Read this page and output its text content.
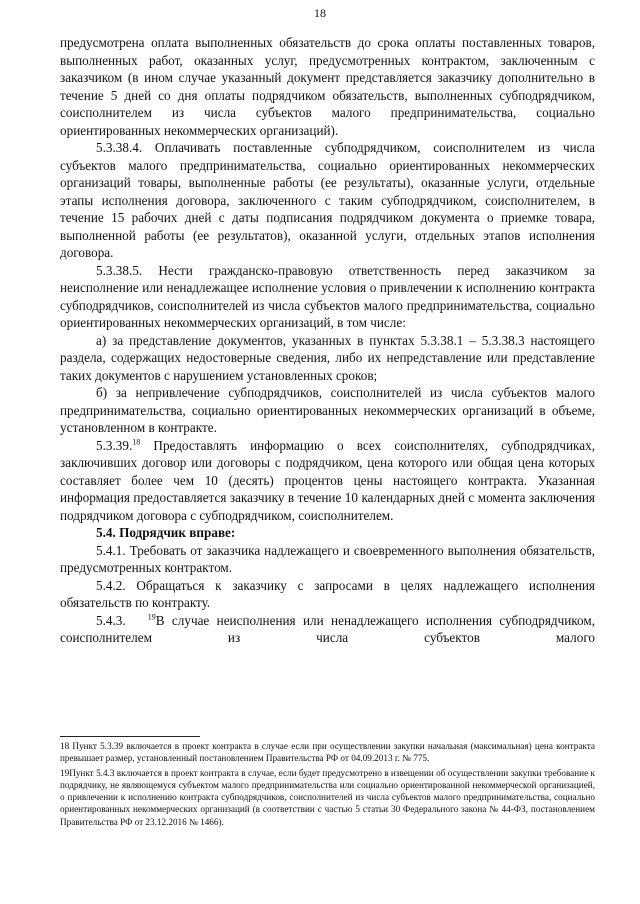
18

предусмотрена оплата выполненных обязательств до срока оплаты поставленных товаров, выполненных работ, оказанных услуг, предусмотренных контрактом, заключенным с заказчиком (в ином случае указанный документ представляется заказчику дополнительно в течение 5 дней со дня оплаты подрядчиком обязательств, выполненных субподрядчиком, соисполнителем из числа субъектов малого предпринимательства, социально ориентированных некоммерческих организаций).

5.3.38.4. Оплачивать поставленные субподрядчиком, соисполнителем из числа субъектов малого предпринимательства, социально ориентированных некоммерческих организаций товары, выполненные работы (ее результаты), оказанные услуги, отдельные этапы исполнения договора, заключенного с таким субподрядчиком, соисполнителем, в течение 15 рабочих дней с даты подписания подрядчиком документа о приемке товара, выполненной работы (ее результатов), оказанной услуги, отдельных этапов исполнения договора.

5.3.38.5. Нести гражданско-правовую ответственность перед заказчиком за неисполнение или ненадлежащее исполнение условия о привлечении к исполнению контракта субподрядчиков, соисполнителей из числа субъектов малого предпринимательства, социально ориентированных некоммерческих организаций, в том числе:

а) за представление документов, указанных в пунктах 5.3.38.1 – 5.3.38.3 настоящего раздела, содержащих недостоверные сведения, либо их непредставление или представление таких документов с нарушением установленных сроков;

б) за непривлечение субподрядчиков, соисполнителей из числа субъектов малого предпринимательства, социально ориентированных некоммерческих организаций в объеме, установленном в контракте.

5.3.39.18 Предоставлять информацию о всех соисполнителях, субподрядчиках, заключивших договор или договоры с подрядчиком, цена которого или общая цена которых составляет более чем 10 (десять) процентов цены настоящего контракта. Указанная информация предоставляется заказчику в течение 10 календарных дней с момента заключения подрядчиком договора с субподрядчиком, соисполнителем.

5.4. Подрядчик вправе:

5.4.1. Требовать от заказчика надлежащего и своевременного выполнения обязательств, предусмотренных контрактом.

5.4.2. Обращаться к заказчику с запросами в целях надлежащего исполнения обязательств по контракту.

5.4.3.   $^{19}$В случае неисполнения или ненадлежащего исполнения субподрядчиком, соисполнителем из числа субъектов малого

18 Пункт 5.3.39 включается в проект контракта в случае если при осуществлении закупки начальная (максимальная) цена контракта превышает размер, установленный постановлением Правительства РФ от 04.09.2013 г. № 775.

19Пункт 5.4.3 включается в проект контракта в случае, если будет предусмотрено в извещении об осуществлении закупки требование к подрядчику, не являющемуся субъектом малого предпринимательства или социально ориентированной некоммерческой организацией, о привлечении к исполнению контракта субподрядчиков, соисполнителей из числа субъектов малого предпринимательства, социально ориентированных некоммерческих организаций (в соответствии с частью 5 статьи 30 Федерального закона № 44-ФЗ, постановлением Правительства РФ от 23.12.2016 № 1466).
